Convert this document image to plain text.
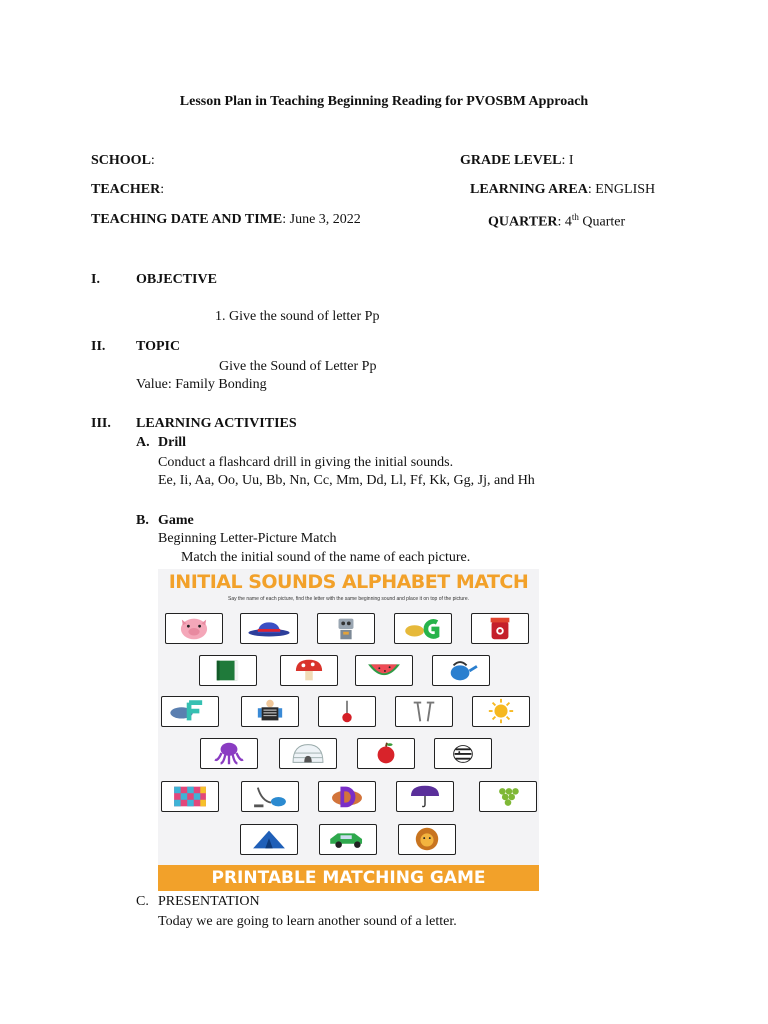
Lesson Plan in Teaching Beginning Reading for PVOSBM Approach
SCHOOL:	GRADE LEVEL: I
TEACHER:	LEARNING AREA: ENGLISH
TEACHING DATE AND TIME: June 3, 2022	QUARTER: 4th Quarter
I.	OBJECTIVE
1. Give the sound of letter Pp
II. TOPIC
Give the Sound of Letter Pp
Value: Family Bonding
III. LEARNING ACTIVITIES
A. Drill
Conduct a flashcard drill in giving the initial sounds.
Ee, Ii, Aa, Oo, Uu, Bb, Nn, Cc, Mm, Dd, Ll, Ff, Kk, Gg, Jj, and Hh
B. Game
Beginning Letter-Picture Match
Match the initial sound of the name of each picture.
INITIAL SOUNDS ALPHABET MATCH
Say the name of each picture, find the letter with the same beginning sound and place it on top of the picture.
PRINTABLE MATCHING GAME
C. PRESENTATION
Today we are going to learn another sound of a letter.
